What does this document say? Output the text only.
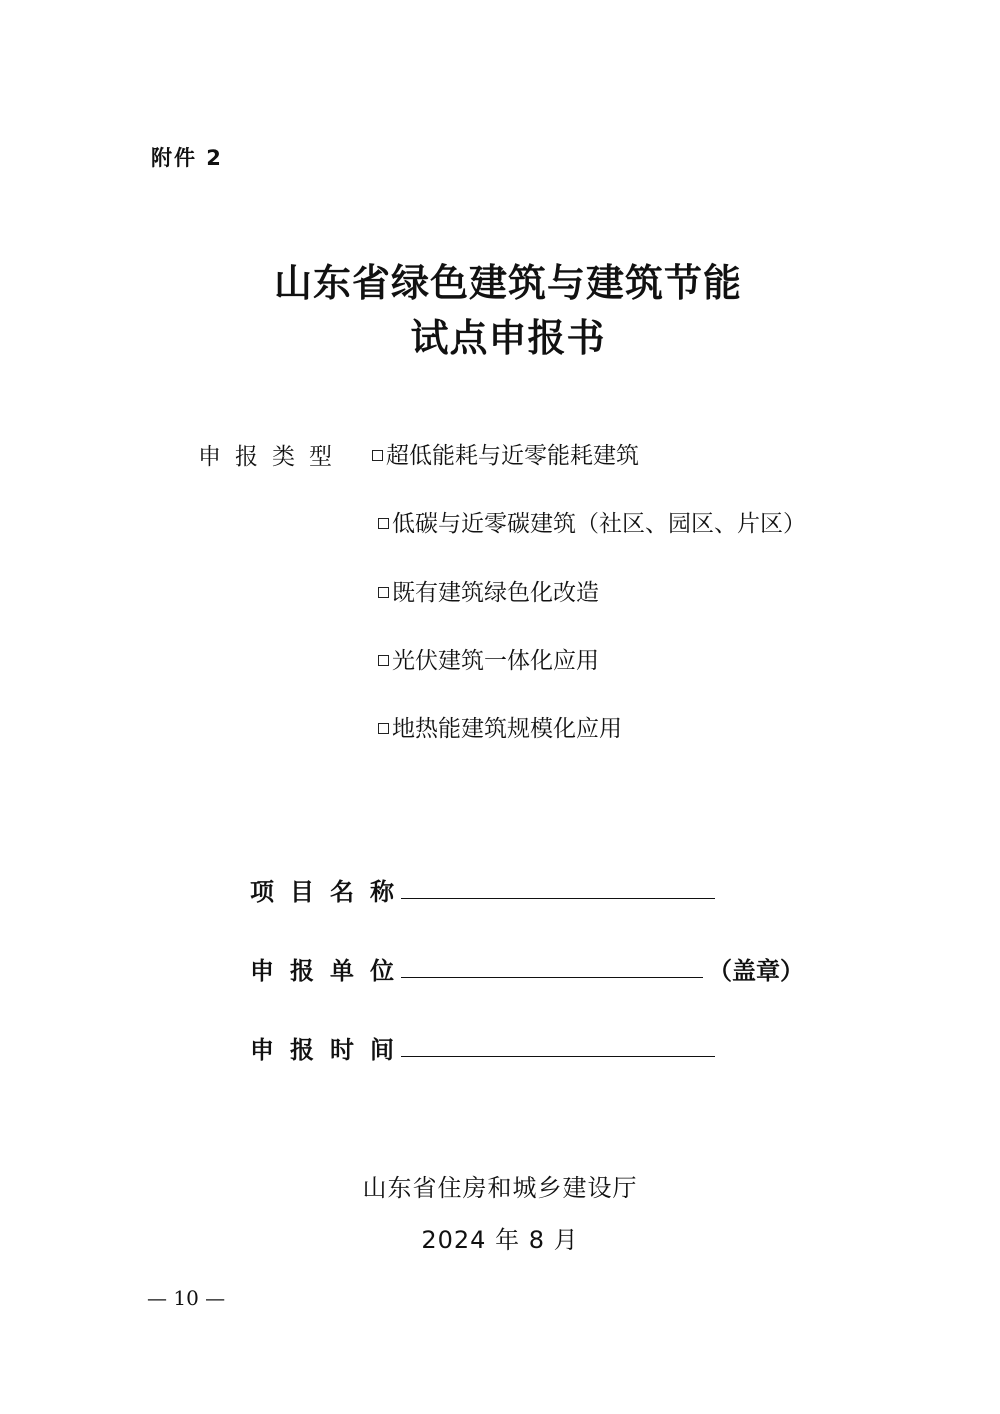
附件 2
山东省绿色建筑与建筑节能
试点申报书
申报类型 超低能耗与近零能耗建筑
低碳与近零碳建筑（社区、园区、片区）
既有建筑绿色化改造
光伏建筑一体化应用
地热能建筑规模化应用
项目名称
申报单位	（盖章）
申报时间
山东省住房和城乡建设厅
2024 年 8 月
— 10 —
